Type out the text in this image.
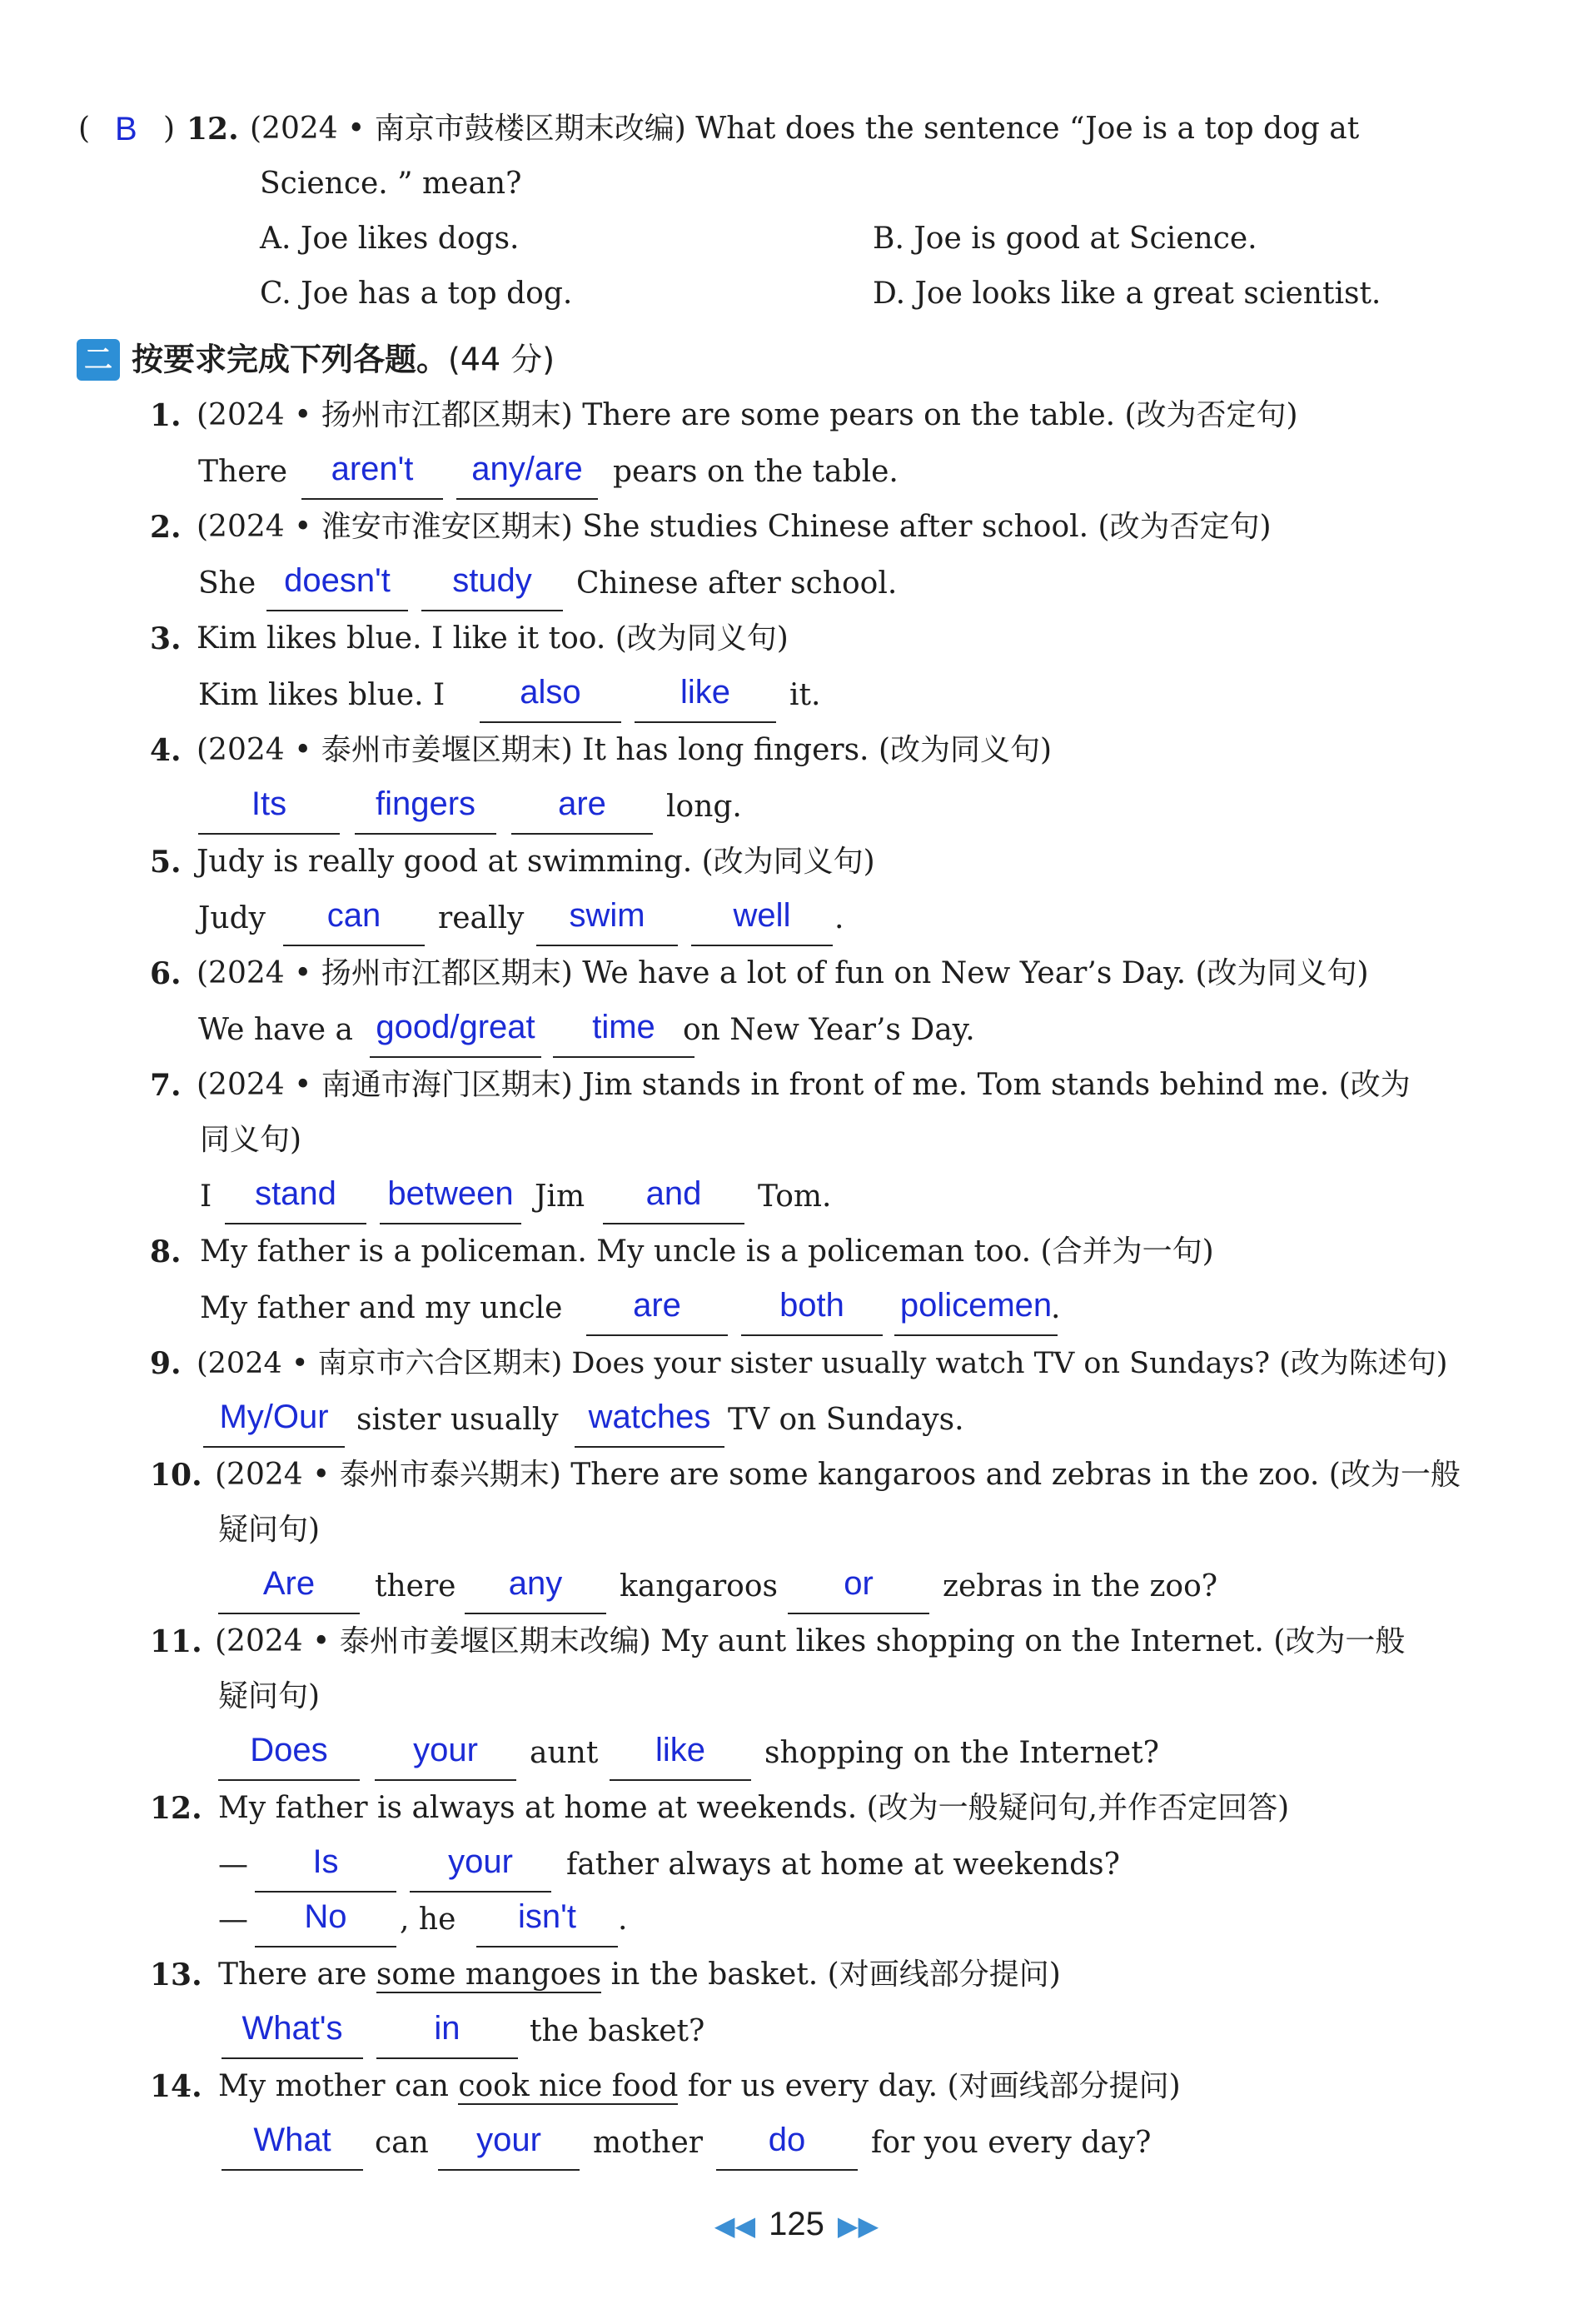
( B ) 12. (2024 • 南京市鼓楼区期末改编) What does the sentence “Joe is a top dog at
Science. ” mean?
A. Joe likes dogs.	B. Joe is good at Science.
C. Joe has a top dog.	D. Joe looks like a great scientist.
二 按要求完成下列各题。(44 分)
1. (2024 • 扬州市江都区期末) There are some pears on the table. (改为否定句)
There	aren't	any/are	pears on the table.
2. (2024 • 淮安市淮安区期末) She studies Chinese after school. (改为否定句)
She doesn't	study	Chinese after school.
3. Kim likes blue. I like it too. (改为同义句)
Kim likes blue. I	also	like	it.
4. (2024 • 泰州市姜堰区期末) It has long fingers. (改为同义句)
Its	fingers	are	long.
5. Judy is really good at swimming. (改为同义句)
Judy	can	really	swim	well	.
6. (2024 • 扬州市江都区期末) We have a lot of fun on New Year’s Day. (改为同义句)
We have a good/great	time on New Year’s Day.
7. (2024 • 南通市海门区期末) Jim stands in front of me. Tom stands behind me. (改为
同义句)
I	stand	between Jim	and	Tom.
8. My father is a policeman. My uncle is a policeman too. (合并为一句)
My father and my uncle	are	both	policemen
.
9. (2024 • 南京市六合区期末) Does your sister usually watch TV on Sundays? (改为陈述句)
My/Our sister usually watches TV on Sundays.
10. (2024 • 泰州市泰兴期末) There are some kangaroos and zebras in the zoo. (改为一般
疑问句)
Are	there	any	kangaroos	or	zebras in the zoo?
11. (2024 • 泰州市姜堰区期末改编) My aunt likes shopping on the Internet. (改为一般
疑问句)
Does	your	aunt	like	shopping on the Internet?
12. My father is always at home at weekends. (改为一般疑问句,并作否定回答)
—	Is	your	father always at home at weekends?
—	No	, he	isn't	.
13. There are some mangoes in the basket. (对画线部分提问)
What's	in	the basket?
14. My mother can cook nice food for us every day. (对画线部分提问)
What	can	your	mother	do	for you every day?
◀◀ 125 ▶▶
